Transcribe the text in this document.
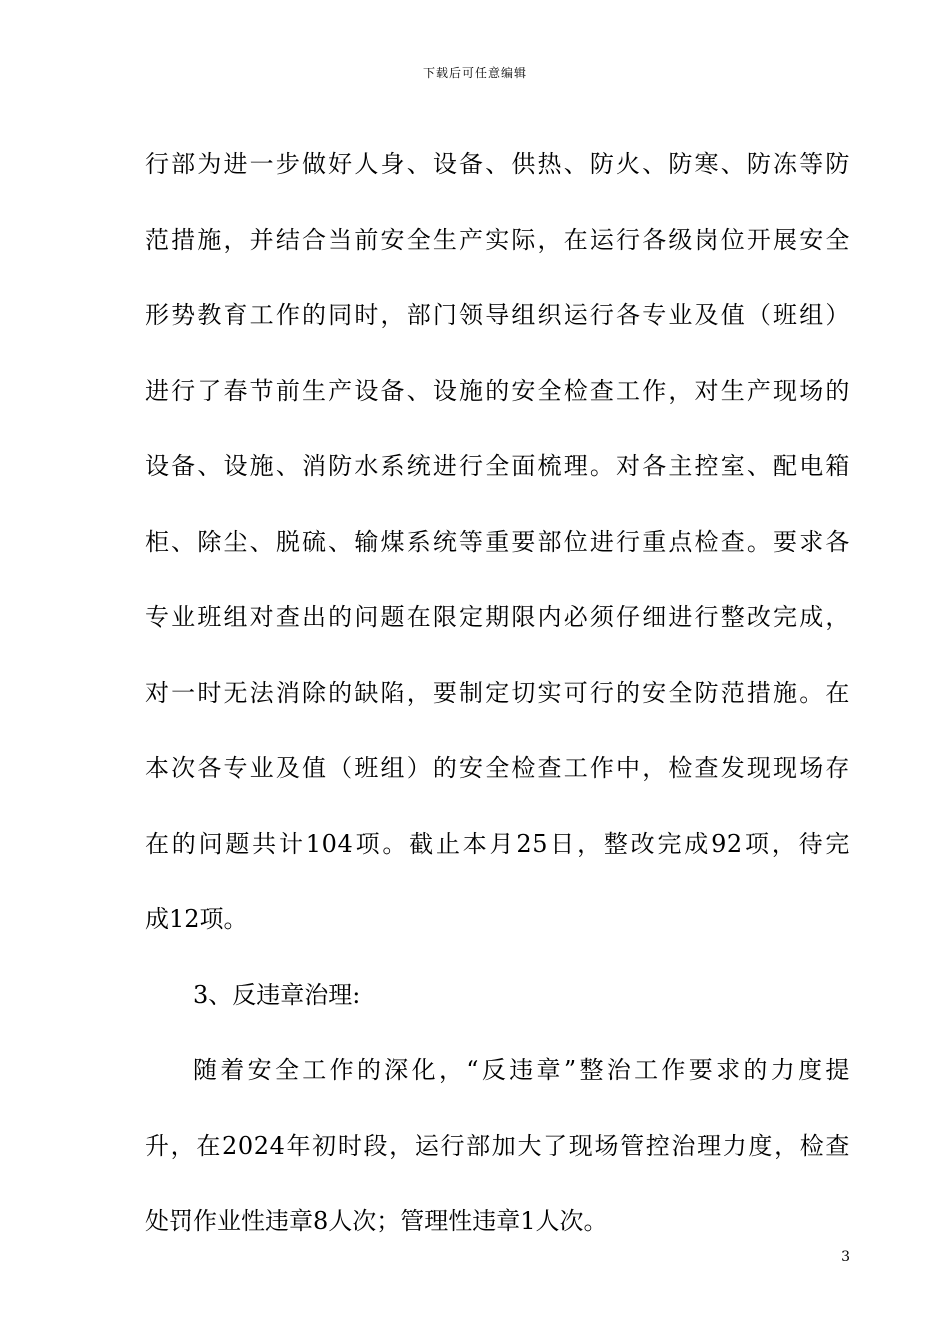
下载后可任意编辑
行部为进一步做好人身、设备、供热、防火、防寒、防冻等防
范措施，并结合当前安全生产实际，在运行各级岗位开展安全
形势教育工作的同时，部门领导组织运行各专业及值（班组）
进行了春节前生产设备、设施的安全检查工作，对生产现场的
设备、设施、消防水系统进行全面梳理。对各主控室、配电箱
柜、除尘、脱硫、输煤系统等重要部位进行重点检查。要求各
专业班组对查出的问题在限定期限内必须仔细进行整改完成，
对一时无法消除的缺陷，要制定切实可行的安全防范措施。在
本次各专业及值（班组）的安全检查工作中，检查发现现场存
在的问题共计104项。截止本月25日，整改完成92项，待完
成12项。
3、反违章治理:
随着安全工作的深化，“反违章”整治工作要求的力度提
升，在2024年初时段，运行部加大了现场管控治理力度，检查
处罚作业性违章8人次；管理性违章1人次。
3
